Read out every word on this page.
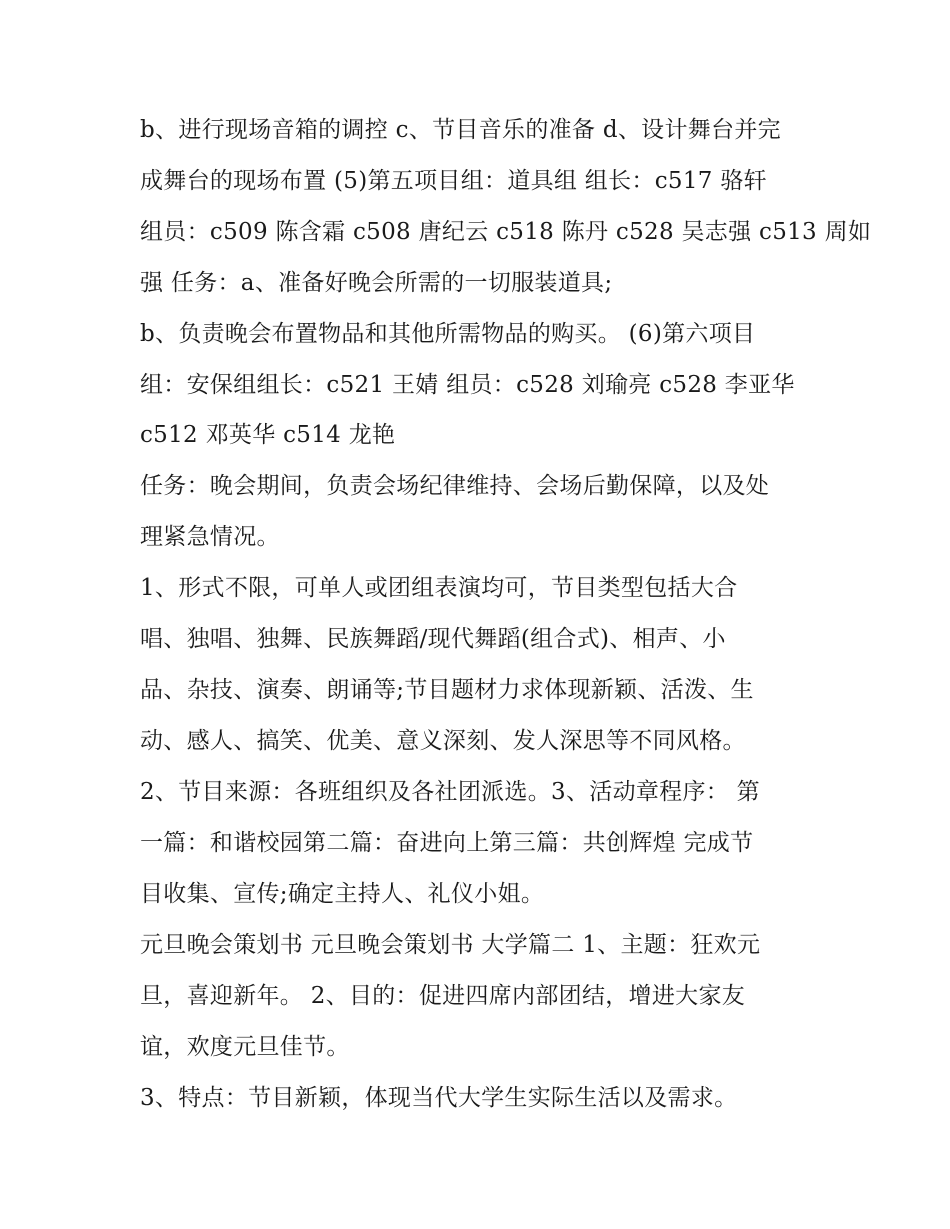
b、进行现场音箱的调控 c、节目音乐的准备 d、设计舞台并完
成舞台的现场布置 (5)第五项目组：道具组 组长：c517 骆轩
组员：c509 陈含霜 c508 唐纪云 c518 陈丹 c528 吴志强 c513 周如
强 任务：a、准备好晚会所需的一切服装道具;
b、负责晚会布置物品和其他所需物品的购买。 (6)第六项目
组：安保组组长：c521 王婧 组员：c528 刘瑜亮 c528 李亚华
c512 邓英华 c514 龙艳
任务：晚会期间，负责会场纪律维持、会场后勤保障，以及处
理紧急情况。
1、形式不限，可单人或团组表演均可，节目类型包括大合
唱、独唱、独舞、民族舞蹈/现代舞蹈(组合式)、相声、小
品、杂技、演奏、朗诵等;节目题材力求体现新颖、活泼、生
动、感人、搞笑、优美、意义深刻、发人深思等不同风格。
2、节目来源：各班组织及各社团派选。3、活动章程序： 第
一篇：和谐校园第二篇：奋进向上第三篇：共创辉煌 完成节
目收集、宣传;确定主持人、礼仪小姐。
元旦晚会策划书 元旦晚会策划书 大学篇二 1、主题：狂欢元
旦，喜迎新年。 2、目的：促进四席内部团结，增进大家友
谊，欢度元旦佳节。
3、特点：节目新颖，体现当代大学生实际生活以及需求。
